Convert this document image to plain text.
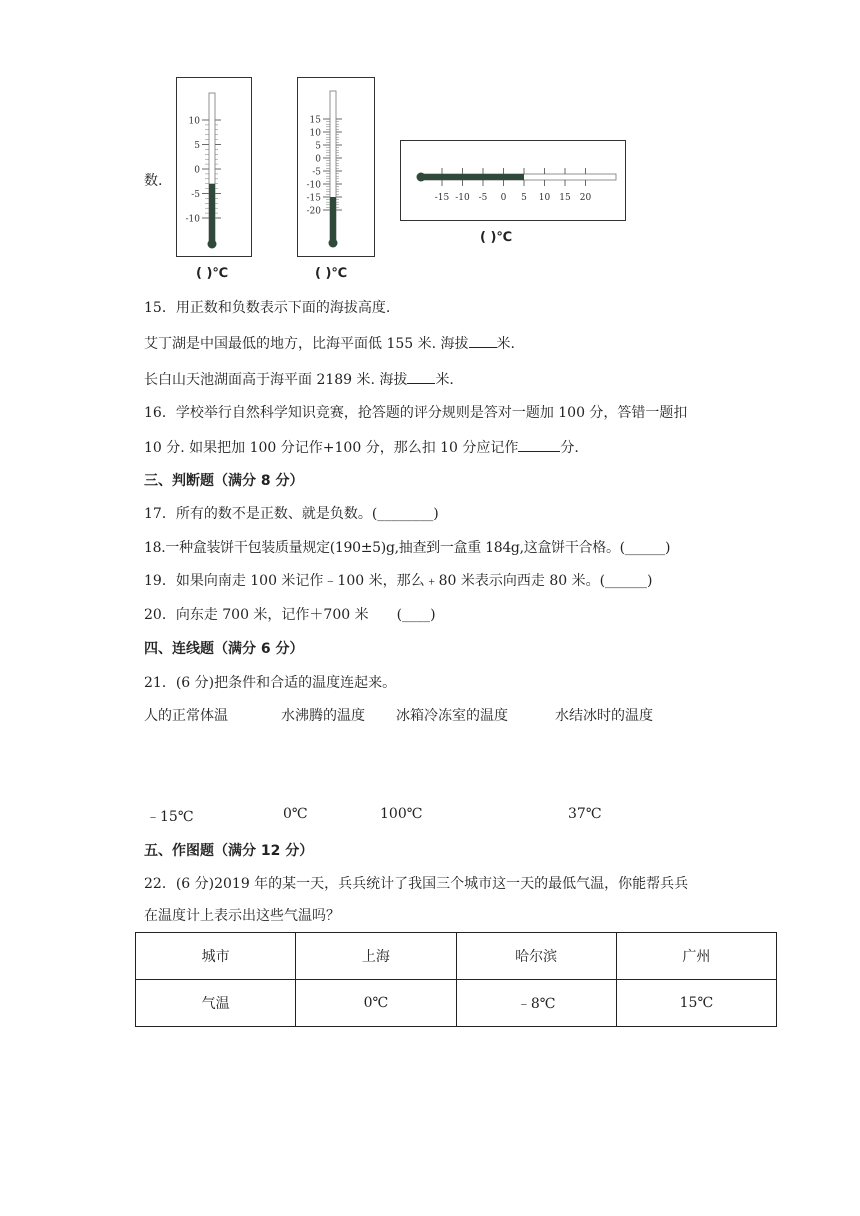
数.
10
5
0
-5
-10
( )℃
15
10
5
0
-5
-10
-15
-20
( )℃
-15 -10 -5 0 5 10 15 20
( )℃
15．用正数和负数表示下面的海拔高度.
艾丁湖是中国最低的地方，比海平面低 155 米. 海拔 米.
长白山天池湖面高于海平面 2189 米. 海拔 米.
16．学校举行自然科学知识竞赛，抢答题的评分规则是答对一题加 100 分，答错一题扣
10 分. 如果把加 100 分记作+100 分，那么扣 10 分应记作	分.
三、判断题（满分 8 分）
17．所有的数不是正数、就是负数。(________)
18.一种盒装饼干包装质量规定(190±5)g,抽查到一盒重 184g,这盒饼干合格。(______)
19．如果向南走 100 米记作﹣100 米，那么﹢80 米表示向西走 80 米。(______)
20．向东走 700 米，记作＋700 米　　(____)
四、连线题（满分 6 分）
21．(6 分)把条件和合适的温度连起来。
人的正常体温	水沸腾的温度 冰箱冷冻室的温度	水结冰时的温度
﹣15℃	0℃	100℃	37℃
五、作图题（满分 12 分）
22．(6 分)2019 年的某一天，兵兵统计了我国三个城市这一天的最低气温，你能帮兵兵
在温度计上表示出这些气温吗？
城市	上海	哈尔滨	广州
气温	0℃	﹣8℃	15℃
